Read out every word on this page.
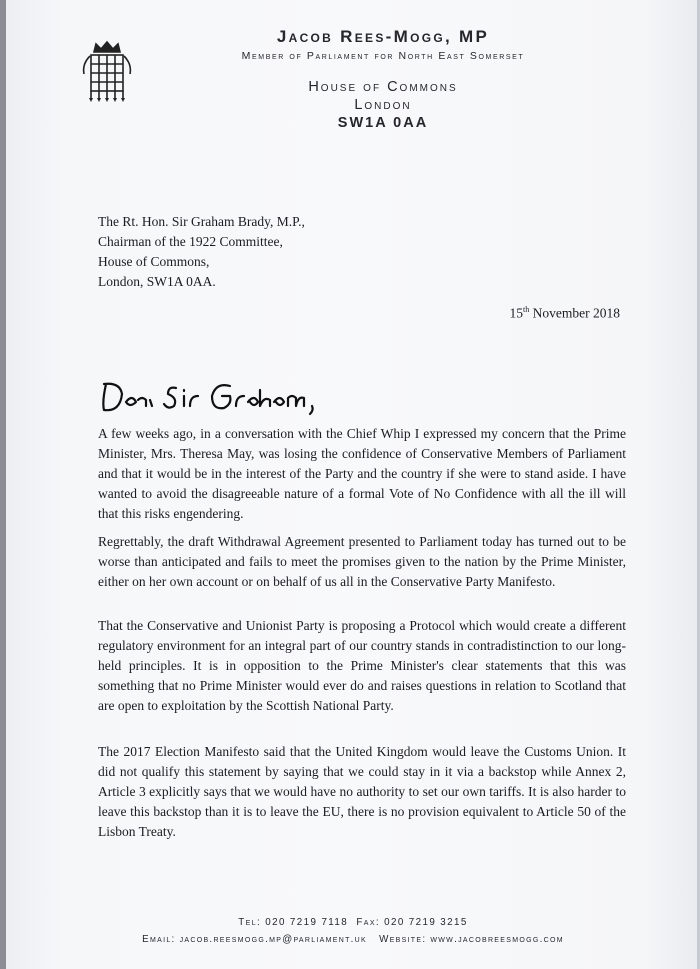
Jacob Rees-Mogg, MP
Member of Parliament for North East Somerset
House of Commons
London
SW1A 0AA
The Rt. Hon. Sir Graham Brady, M.P.,
Chairman of the 1922 Committee,
House of Commons,
London, SW1A 0AA.
15th November 2018

A few weeks ago, in a conversation with the Chief Whip I expressed my concern that the Prime Minister, Mrs. Theresa May, was losing the confidence of Conservative Members of Parliament and that it would be in the interest of the Party and the country if she were to stand aside. I have wanted to avoid the disagreeable nature of a formal Vote of No Confidence with all the ill will that this risks engendering.

Regrettably, the draft Withdrawal Agreement presented to Parliament today has turned out to be worse than anticipated and fails to meet the promises given to the nation by the Prime Minister, either on her own account or on behalf of us all in the Conservative Party Manifesto.

That the Conservative and Unionist Party is proposing a Protocol which would create a different regulatory environment for an integral part of our country stands in contradistinction to our long-held principles. It is in opposition to the Prime Minister's clear statements that this was something that no Prime Minister would ever do and raises questions in relation to Scotland that are open to exploitation by the Scottish National Party.

The 2017 Election Manifesto said that the United Kingdom would leave the Customs Union. It did not qualify this statement by saying that we could stay in it via a backstop while Annex 2, Article 3 explicitly says that we would have no authority to set our own tariffs. It is also harder to leave this backstop than it is to leave the EU, there is no provision equivalent to Article 50 of the Lisbon Treaty.

Tel: 020 7219 7118 Fax: 020 7219 3215
Email: jacob.reesmogg.mp@parliament.uk Website: www.jacobreesmogg.com
